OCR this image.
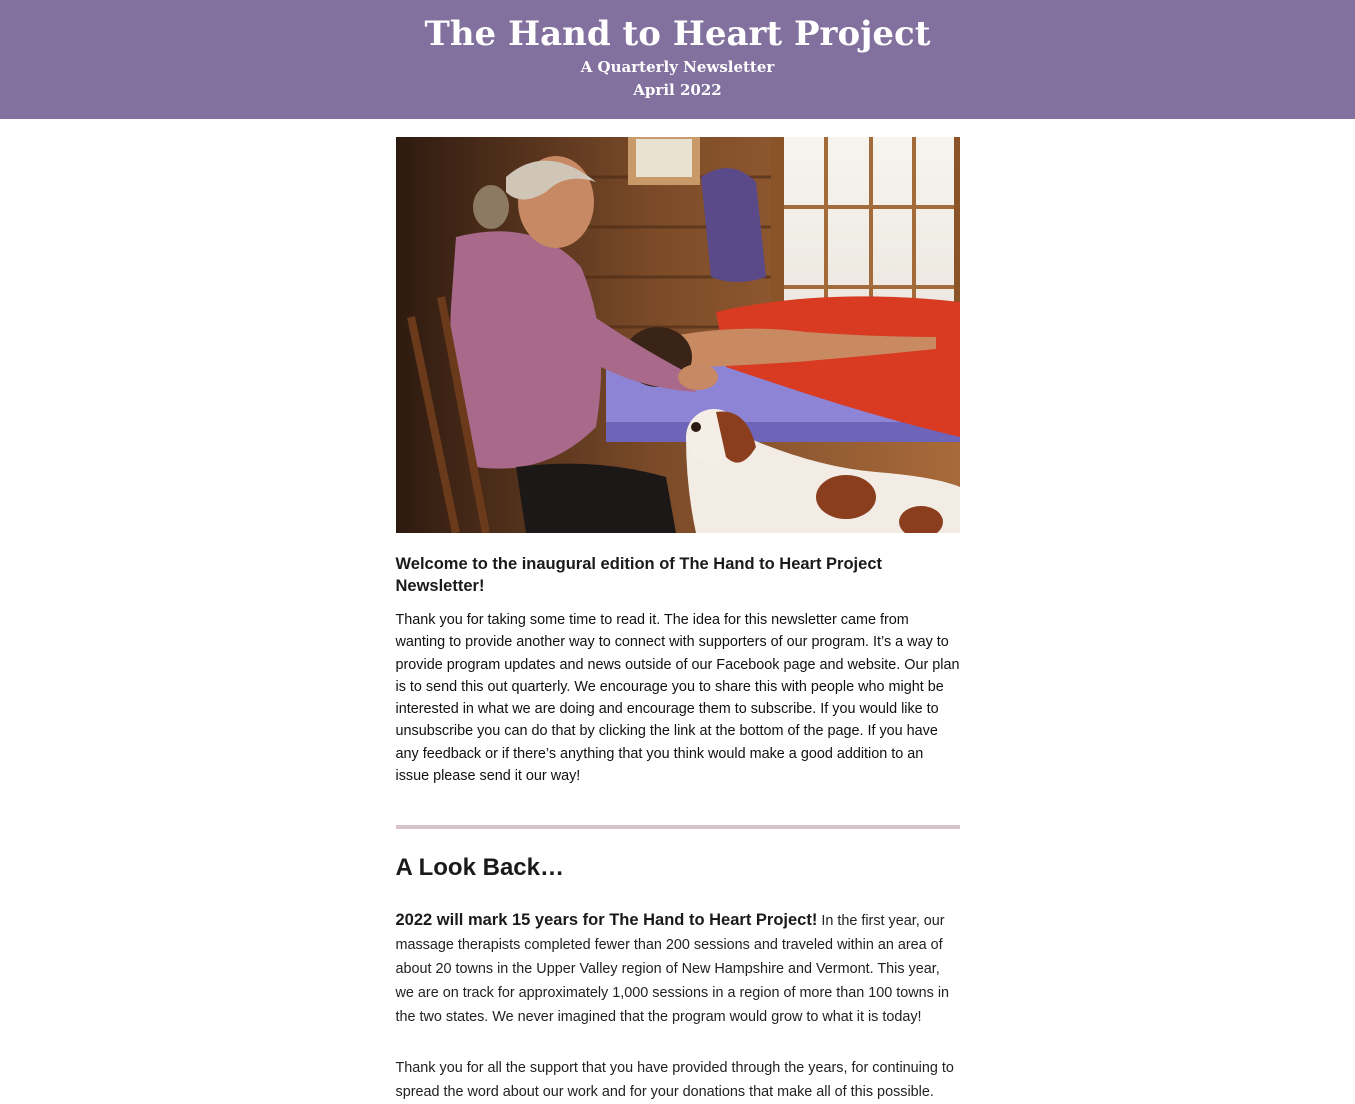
The Hand to Heart Project
A Quarterly Newsletter
April 2022
Welcome to the inaugural edition of The Hand to Heart Project Newsletter!

Thank you for taking some time to read it. The idea for this newsletter came from wanting to provide another way to connect with supporters of our program. It’s a way to provide program updates and news outside of our Facebook page and website. Our plan is to send this out quarterly. We encourage you to share this with people who might be interested in what we are doing and encourage them to subscribe. If you would like to unsubscribe you can do that by clicking the link at the bottom of the page. If you have any feedback or if there’s anything that you think would make a good addition to an issue please send it our way!

A Look Back…

2022 will mark 15 years for The Hand to Heart Project! In the first year, our massage therapists completed fewer than 200 sessions and traveled within an area of about 20 towns in the Upper Valley region of New Hampshire and Vermont. This year, we are on track for approximately 1,000 sessions in a region of more than 100 towns in the two states. We never imagined that the program would grow to what it is today!

Thank you for all the support that you have provided through the years, for continuing to spread the word about our work and for your donations that make all of this possible.
